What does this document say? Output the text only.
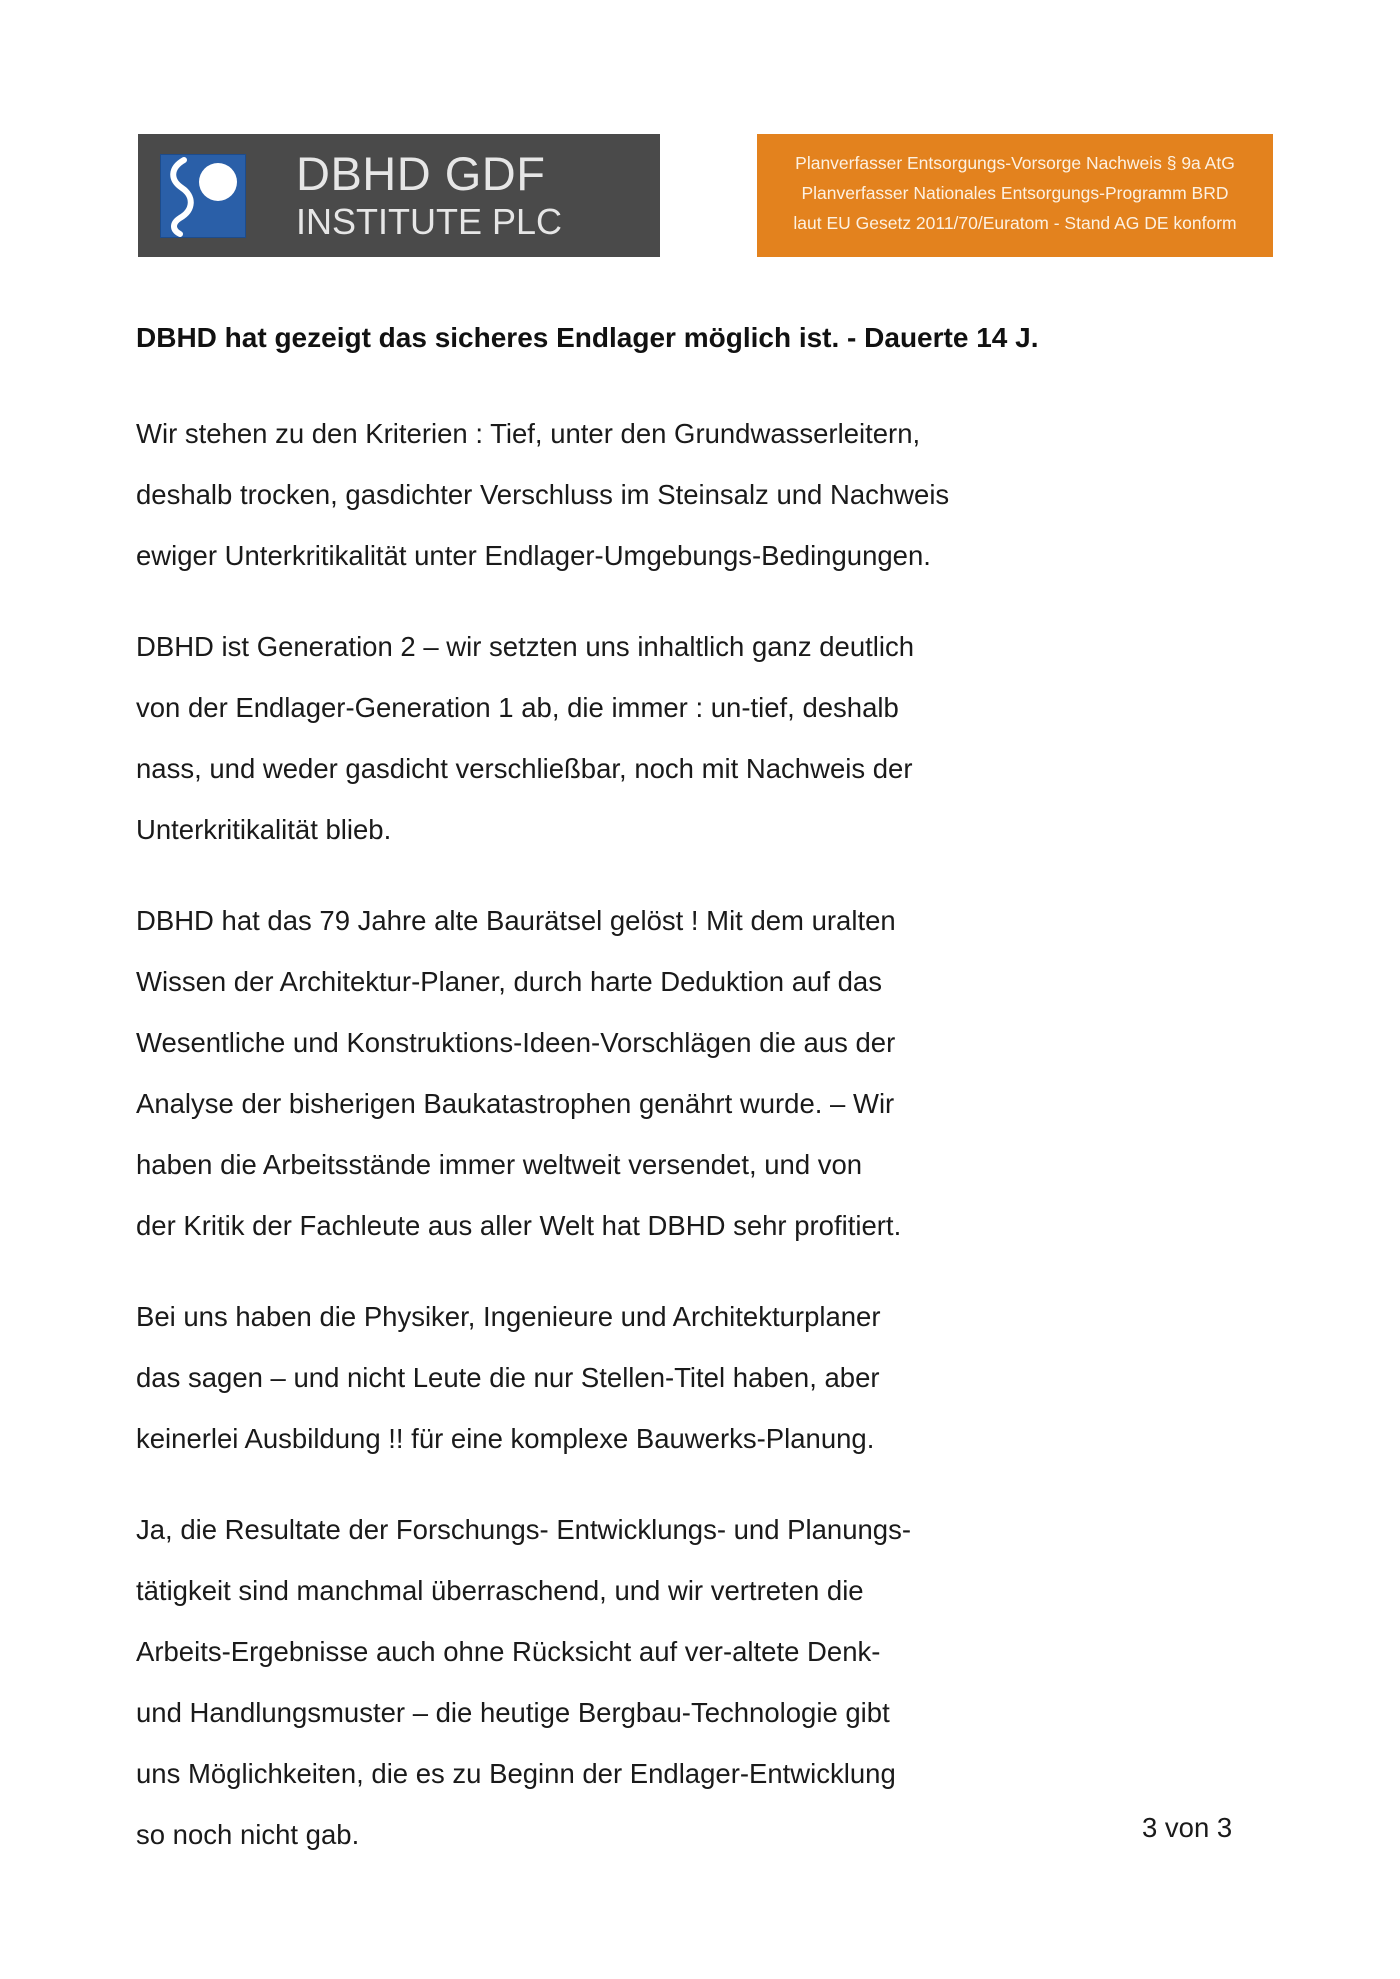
DBHD GDF
INSTITUTE PLC
Planverfasser Entsorgungs-Vorsorge Nachweis § 9a AtG
Planverfasser Nationales Entsorgungs-Programm BRD
laut EU Gesetz 2011/70/Euratom - Stand AG DE konform
DBHD hat gezeigt das sicheres Endlager möglich ist. - Dauerte 14 J.

Wir stehen zu den Kriterien : Tief, unter den Grundwasserleitern,
deshalb trocken, gasdichter Verschluss im Steinsalz und Nachweis
ewiger Unterkritikalität unter Endlager-Umgebungs-Bedingungen.

DBHD ist Generation 2 – wir setzten uns inhaltlich ganz deutlich
von der Endlager-Generation 1 ab, die immer : un-tief, deshalb
nass, und weder gasdicht verschließbar, noch mit Nachweis der
Unterkritikalität blieb.

DBHD hat das 79 Jahre alte Baurätsel gelöst ! Mit dem uralten
Wissen der Architektur-Planer, durch harte Deduktion auf das
Wesentliche und Konstruktions-Ideen-Vorschlägen die aus der
Analyse der bisherigen Baukatastrophen genährt wurde. – Wir
haben die Arbeitsstände immer weltweit versendet, und von
der Kritik der Fachleute aus aller Welt hat DBHD sehr profitiert.

Bei uns haben die Physiker, Ingenieure und Architekturplaner
das sagen – und nicht Leute die nur Stellen-Titel haben, aber
keinerlei Ausbildung !! für eine komplexe Bauwerks-Planung.

Ja, die Resultate der Forschungs- Entwicklungs- und Planungs-
tätigkeit sind manchmal überraschend, und wir vertreten die
Arbeits-Ergebnisse auch ohne Rücksicht auf ver-altete Denk-
und Handlungsmuster – die heutige Bergbau-Technologie gibt
uns Möglichkeiten, die es zu Beginn der Endlager-Entwicklung
so noch nicht gab.	3 von 3
